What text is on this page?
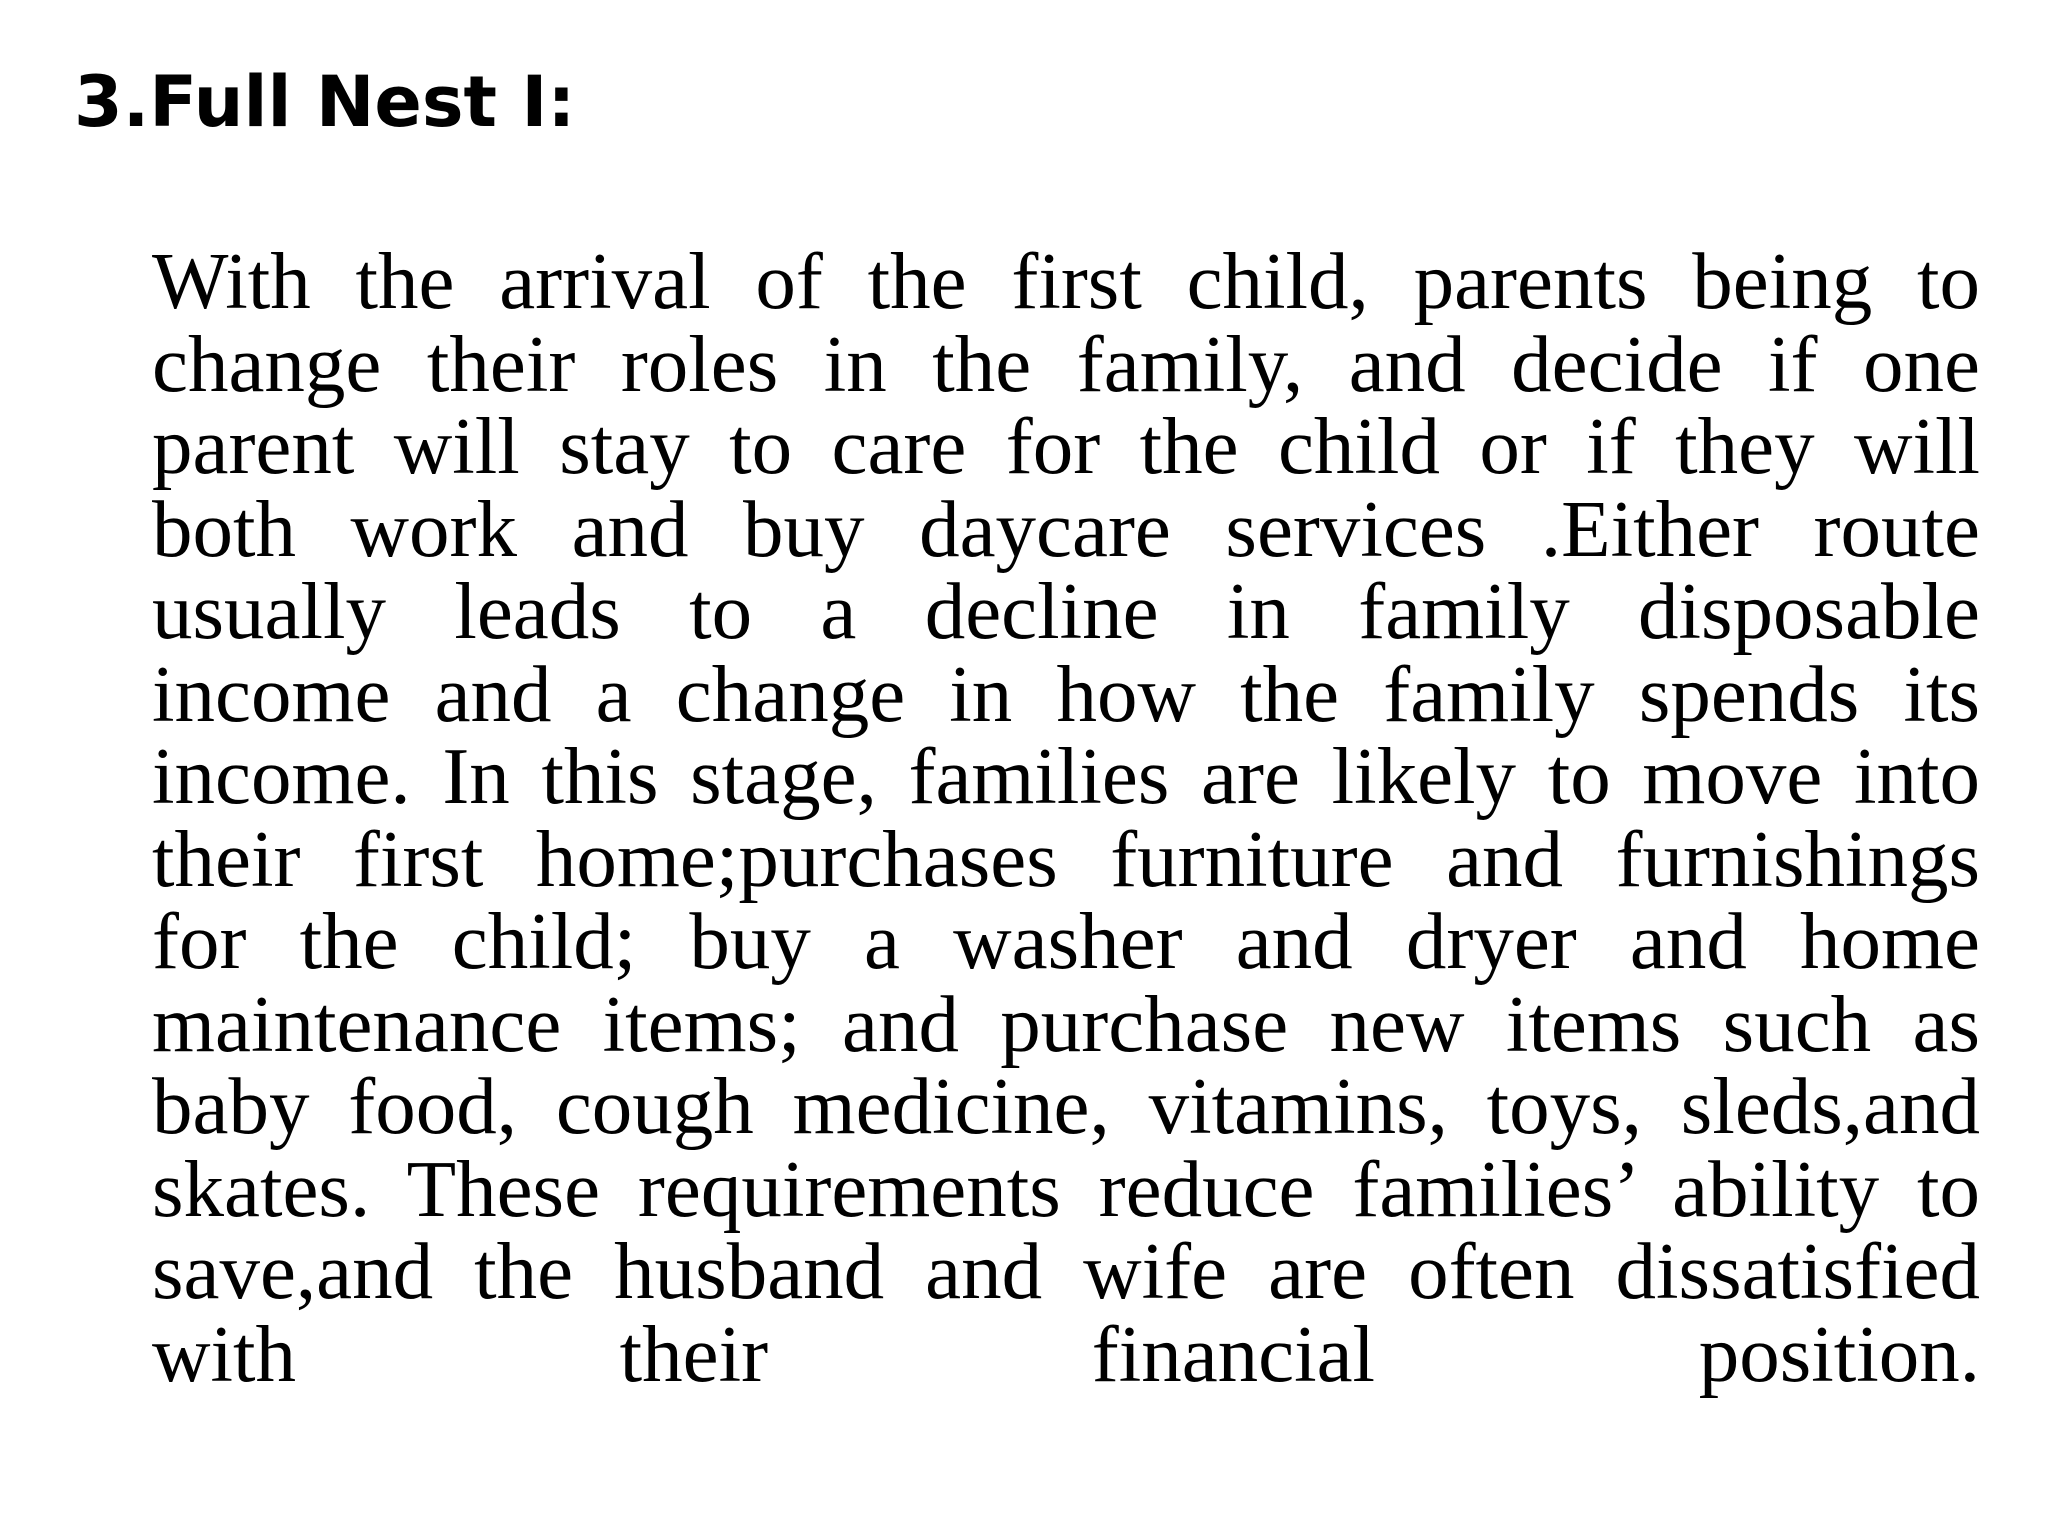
3.Full Nest I:
With the arrival of the first child, parents being to
change their roles in the family, and decide if one
parent will stay to care for the child or if they will
both work and buy daycare services .Either route
usually leads to a decline in family disposable
income and a change in how the family spends its
income. In this stage, families are likely to move into
their first home;purchases furniture and furnishings
for the child; buy a washer and dryer and home
maintenance items; and purchase new items such as
baby food, cough medicine, vitamins, toys, sleds,and
skates. These requirements reduce families’ ability to
save,and the husband and wife are often dissatisfied
with their financial position.
